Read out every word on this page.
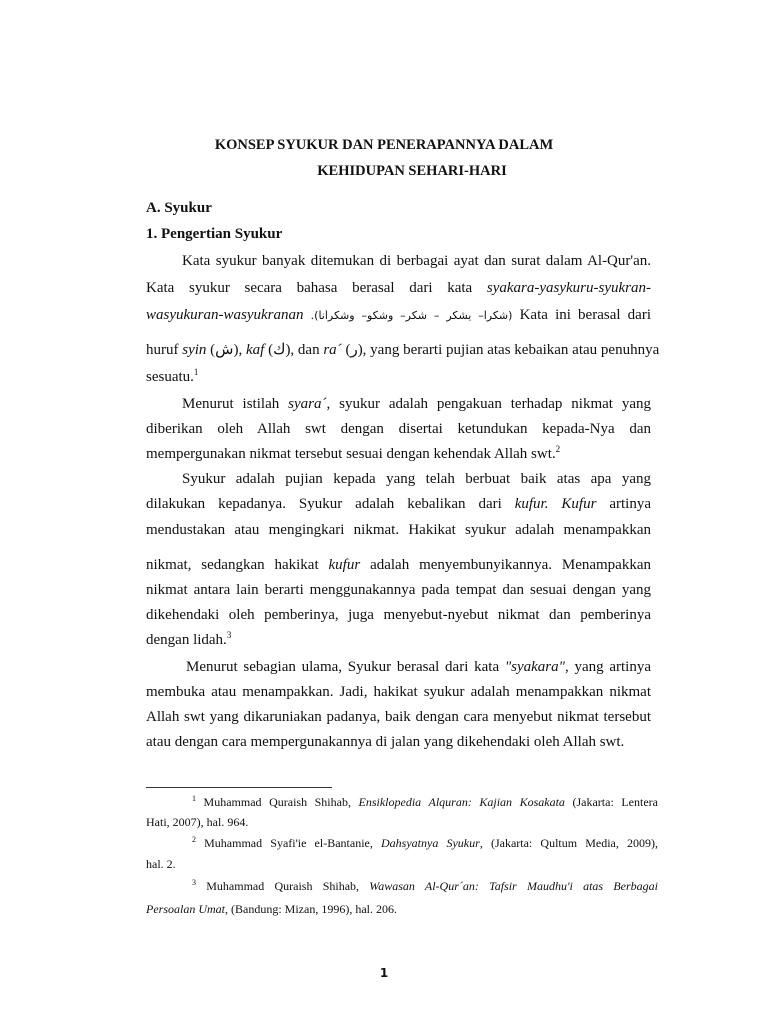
KONSEP SYUKUR DAN PENERAPANNYA DALAM
KEHIDUPAN SEHARI-HARI
A. Syukur
1. Pengertian Syukur
Kata syukur banyak ditemukan di berbagai ayat dan surat dalam Al-Qur'an.
Kata syukur secara bahasa berasal dari kata syakara-yasykuru-syukran-
wasyukuran-wasyukranan (شكرا– يشكر – شكر– وشكو– وشكرانا). Kata ini berasal dari
huruf syin (ش), kaf (ك), dan ra´ (ر), yang berarti pujian atas kebaikan atau penuhnya
sesuatu.$^1$
Menurut istilah syara´, syukur adalah pengakuan terhadap nikmat yang
diberikan oleh Allah swt dengan disertai ketundukan kepada-Nya dan
mempergunakan nikmat tersebut sesuai dengan kehendak Allah swt.$^2$
Syukur adalah pujian kepada yang telah berbuat baik atas apa yang
dilakukan kepadanya. Syukur adalah kebalikan dari kufur. Kufur artinya
mendustakan atau mengingkari nikmat. Hakikat syukur adalah menampakkan
nikmat, sedangkan hakikat kufur adalah menyembunyikannya. Menampakkan
nikmat antara lain berarti menggunakannya pada tempat dan sesuai dengan yang
dikehendaki oleh pemberinya, juga menyebut-nyebut nikmat dan pemberinya
dengan lidah.$^3$
Menurut sebagian ulama, Syukur berasal dari kata "syakara", yang artinya
membuka atau menampakkan. Jadi, hakikat syukur adalah menampakkan nikmat
Allah swt yang dikaruniakan padanya, baik dengan cara menyebut nikmat tersebut
atau dengan cara mempergunakannya di jalan yang dikehendaki oleh Allah swt.
$^1$ Muhammad Quraish Shihab, Ensiklopedia Alquran: Kajian Kosakata (Jakarta: Lentera
Hati, 2007), hal. 964.
$^2$ Muhammad Syafi'ie el-Bantanie, Dahsyatnya Syukur, (Jakarta: Qultum Media, 2009),
hal. 2.
$^3$ Muhammad Quraish Shihab, Wawasan Al-Qur´an: Tafsir Maudhu'i atas Berbagai
Persoalan Umat, (Bandung: Mizan, 1996), hal. 206.
1
